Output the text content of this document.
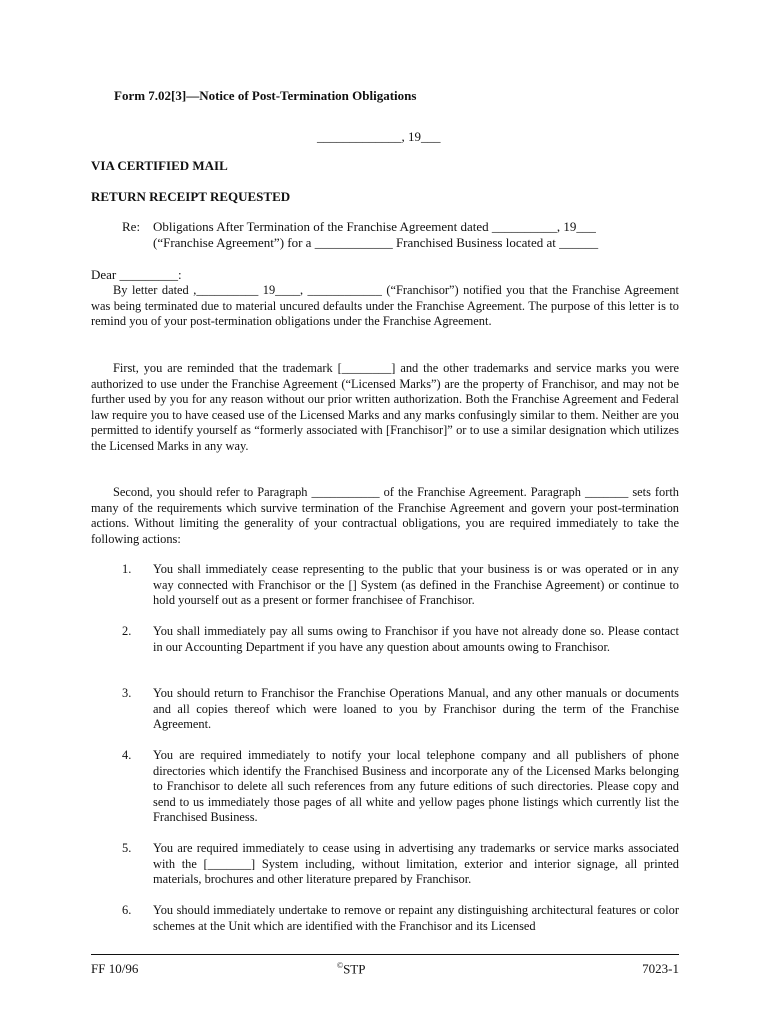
Form 7.02[3]—Notice of Post-Termination Obligations
_____________, 19___
VIA CERTIFIED MAIL
RETURN RECEIPT REQUESTED
Re: Obligations After Termination of the Franchise Agreement dated __________, 19___
(“Franchise Agreement”) for a ____________ Franchised Business located at ______
Dear _________:

By letter dated ,__________ 19____, ____________ (“Franchisor”) notified you that the Franchise Agreement was being terminated due to material uncured defaults under the Franchise Agreement. The purpose of this letter is to remind you of your post-termination obligations under the Franchise Agreement.

First, you are reminded that the trademark [________] and the other trademarks and service marks you were authorized to use under the Franchise Agreement (“Licensed Marks”) are the property of Franchisor, and may not be further used by you for any reason without our prior written authorization. Both the Franchise Agreement and Federal law require you to have ceased use of the Licensed Marks and any marks confusingly similar to them. Neither are you permitted to identify yourself as “formerly associated with [Franchisor]” or to use a similar designation which utilizes the Licensed Marks in any way.

Second, you should refer to Paragraph ___________ of the Franchise Agreement. Paragraph _______ sets forth many of the requirements which survive termination of the Franchise Agreement and govern your post-termination actions. Without limiting the generality of your contractual obligations, you are required immediately to take the following actions:

1. You shall immediately cease representing to the public that your business is or was operated or in any way connected with Franchisor or the [] System (as defined in the Franchise Agreement) or continue to hold yourself out as a present or former franchisee of Franchisor.
2. You shall immediately pay all sums owing to Franchisor if you have not already done so. Please contact in our Accounting Department if you have any question about amounts owing to Franchisor.
3. You should return to Franchisor the Franchise Operations Manual, and any other manuals or documents and all copies thereof which were loaned to you by Franchisor during the term of the Franchise Agreement.
4. You are required immediately to notify your local telephone company and all publishers of phone directories which identify the Franchised Business and incorporate any of the Licensed Marks belonging to Franchisor to delete all such references from any future editions of such directories. Please copy and send to us immediately those pages of all white and yellow pages phone listings which currently list the Franchised Business.
5. You are required immediately to cease using in advertising any trademarks or service marks associated with the [_______] System including, without limitation, exterior and interior signage, all printed materials, brochures and other literature prepared by Franchisor.
6. You should immediately undertake to remove or repaint any distinguishing architectural features or color schemes at the Unit which are identified with the Franchisor and its Licensed
FF 10/96	©STP	7023-1
